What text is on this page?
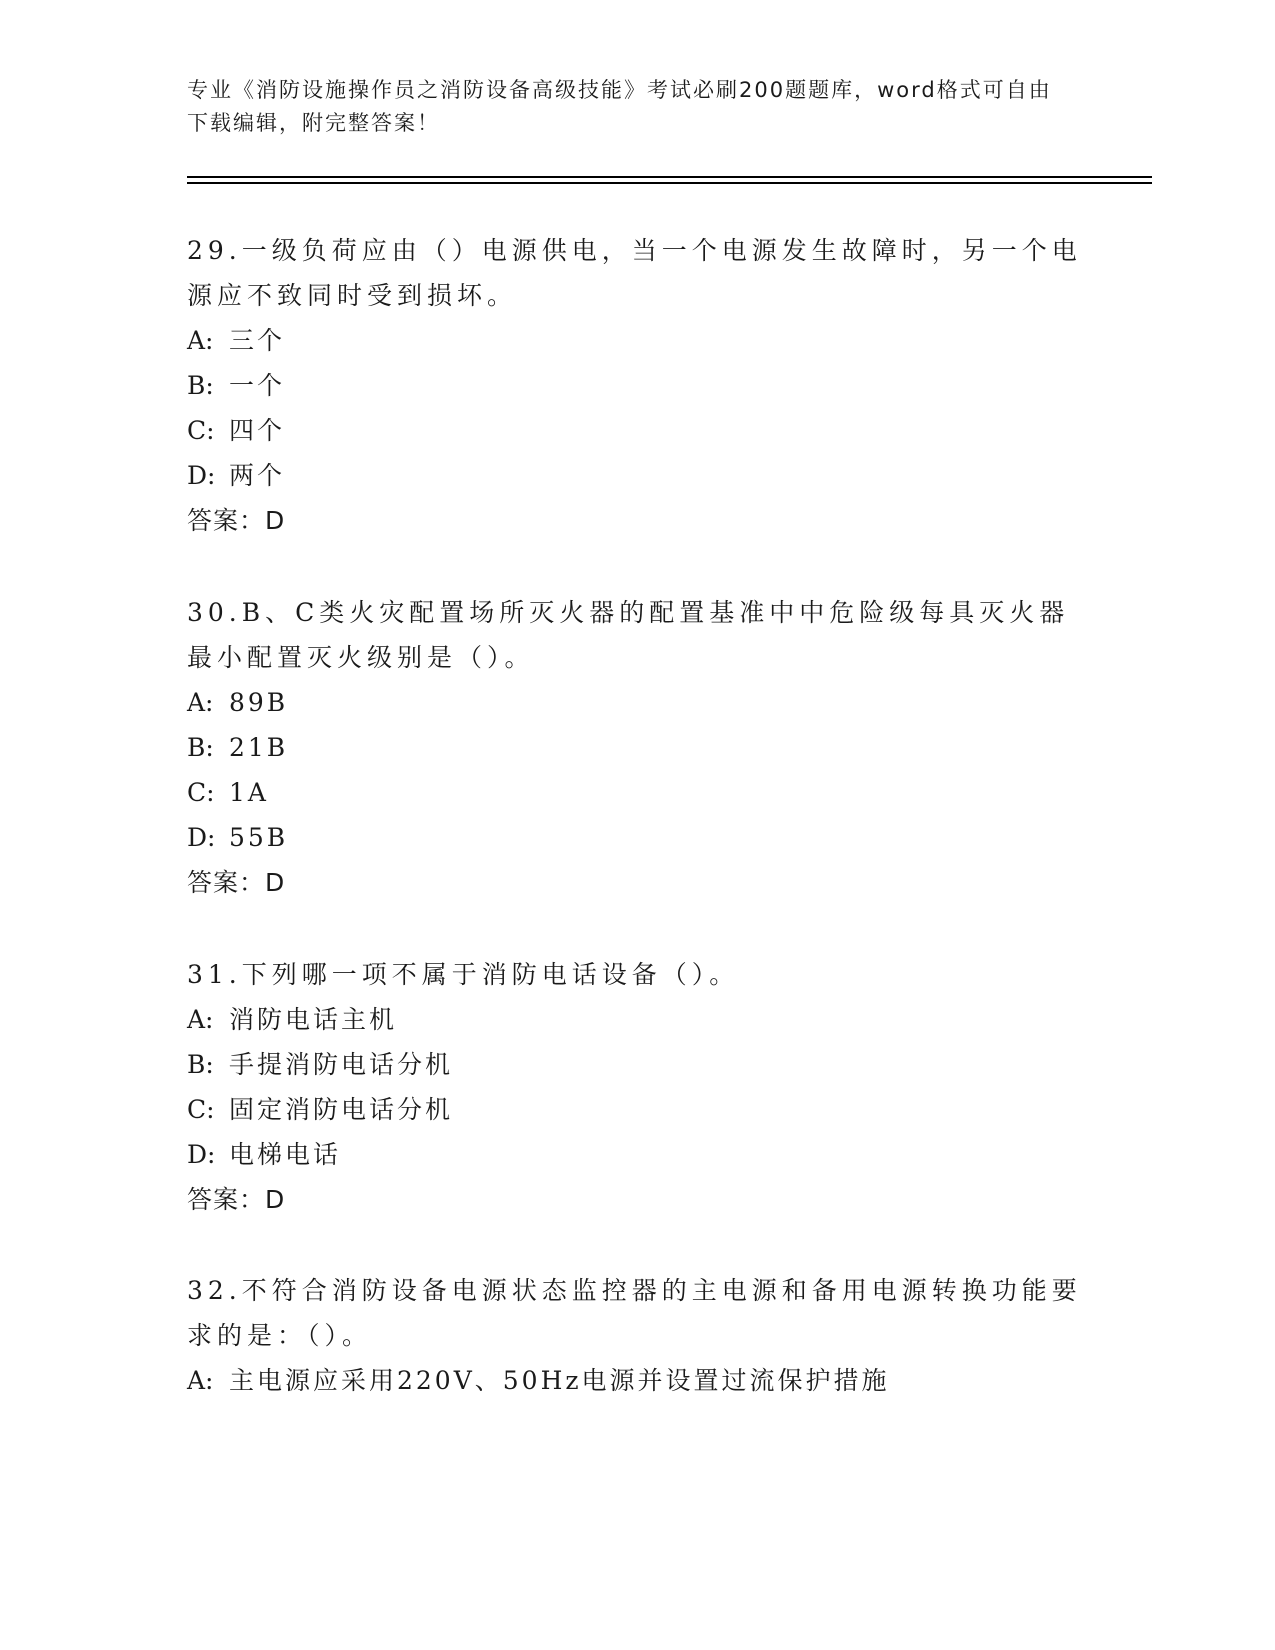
专业《消防设施操作员之消防设备高级技能》考试必刷200题题库，word格式可自由下载编辑，附完整答案！

29.一级负荷应由（）电源供电，当一个电源发生故障时，另一个电源应不致同时受到损坏。

A: 三个

B: 一个

C: 四个

D: 两个

答案：D

30.B、C类火灾配置场所灭火器的配置基准中中危险级每具灭火器最小配置灭火级别是（）。

A: 89B

B: 21B

C: 1A

D: 55B

答案：D

31.下列哪一项不属于消防电话设备（）。

A: 消防电话主机

B: 手提消防电话分机

C: 固定消防电话分机

D: 电梯电话

答案：D

32.不符合消防设备电源状态监控器的主电源和备用电源转换功能要求的是：（）。

A: 主电源应采用220V、50Hz电源并设置过流保护措施
